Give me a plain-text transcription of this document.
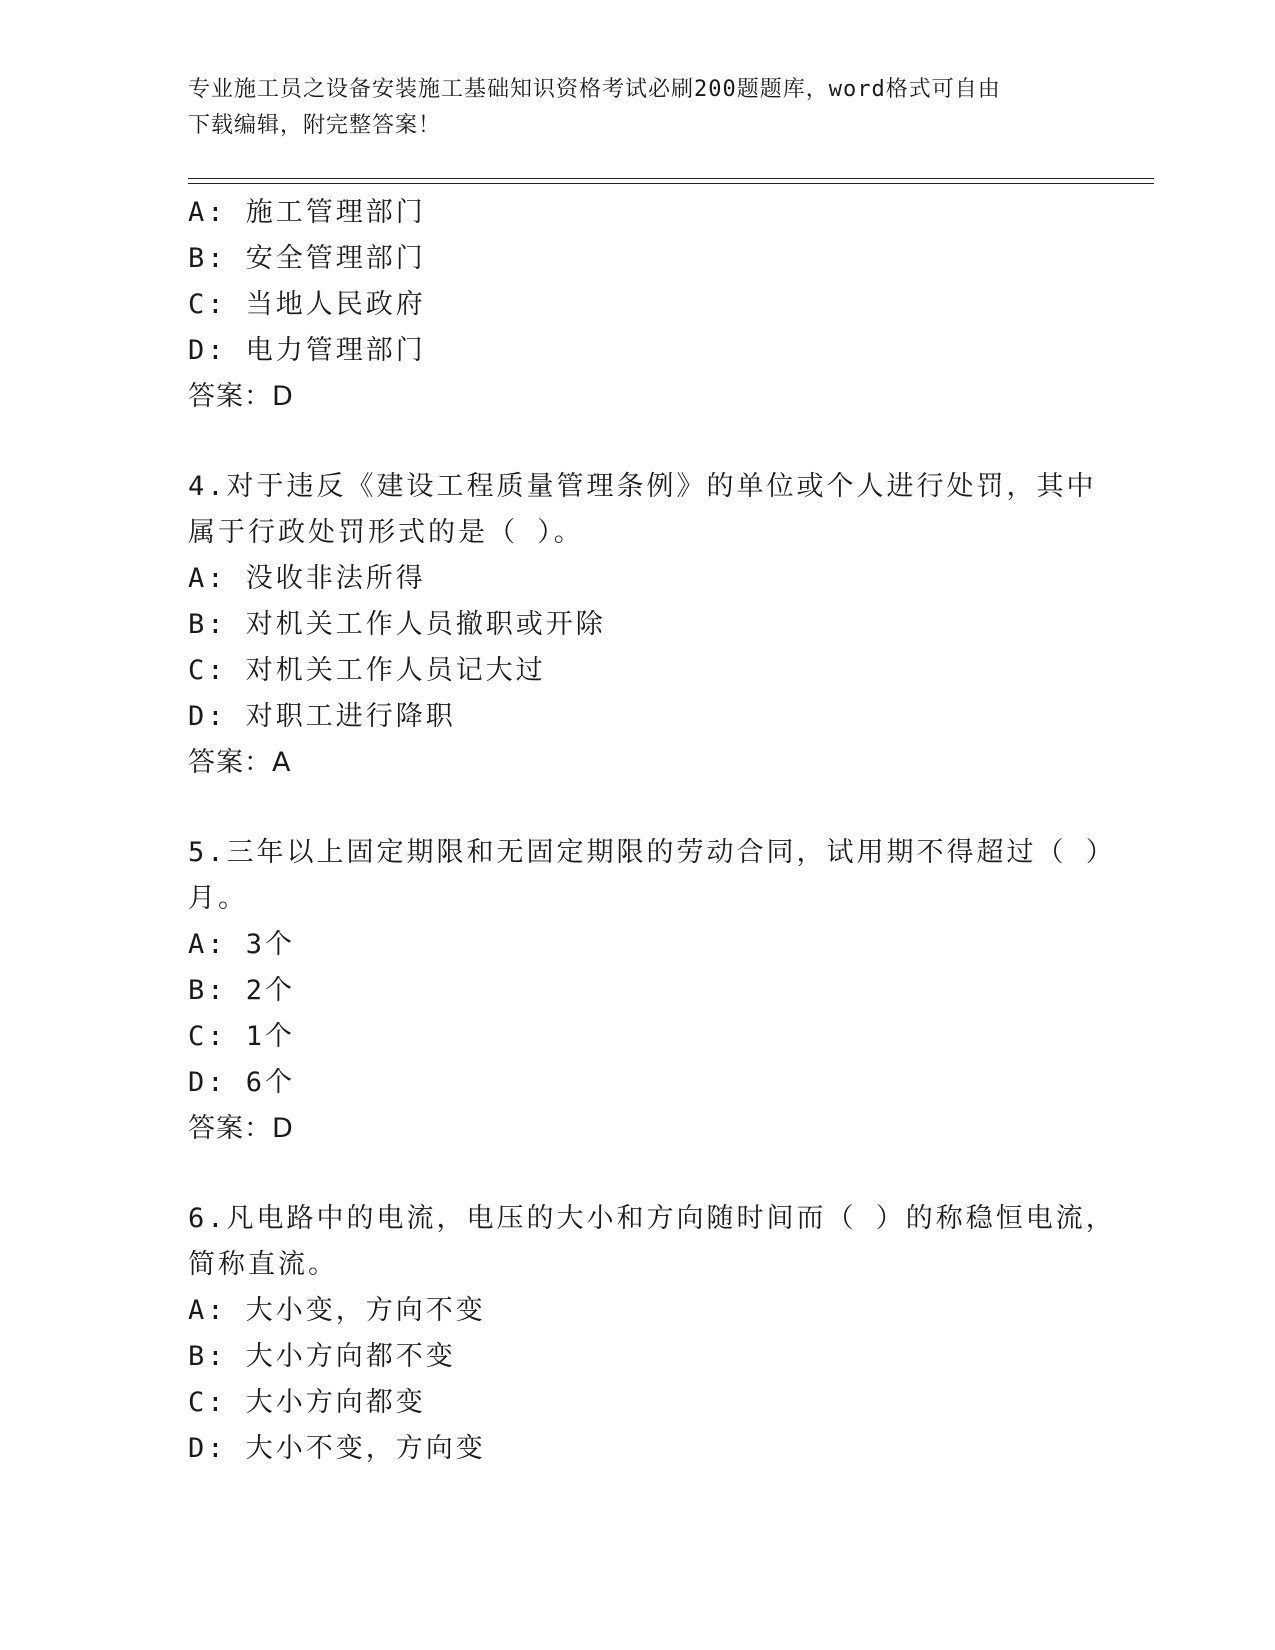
专业施工员之设备安装施工基础知识资格考试必刷200题题库，word格式可自由
下载编辑，附完整答案！
A: 施工管理部门
B: 安全管理部门
C: 当地人民政府
D: 电力管理部门
答案：D
4.对于违反《建设工程质量管理条例》的单位或个人进行处罚，其中
属于行政处罚形式的是（ ）。
A: 没收非法所得
B: 对机关工作人员撤职或开除
C: 对机关工作人员记大过
D: 对职工进行降职
答案：A
5.三年以上固定期限和无固定期限的劳动合同，试用期不得超过（ ）
月。
A: 3个
B: 2个
C: 1个
D: 6个
答案：D
6.凡电路中的电流，电压的大小和方向随时间而（ ）的称稳恒电流，
简称直流。
A: 大小变，方向不变
B: 大小方向都不变
C: 大小方向都变
D: 大小不变，方向变
